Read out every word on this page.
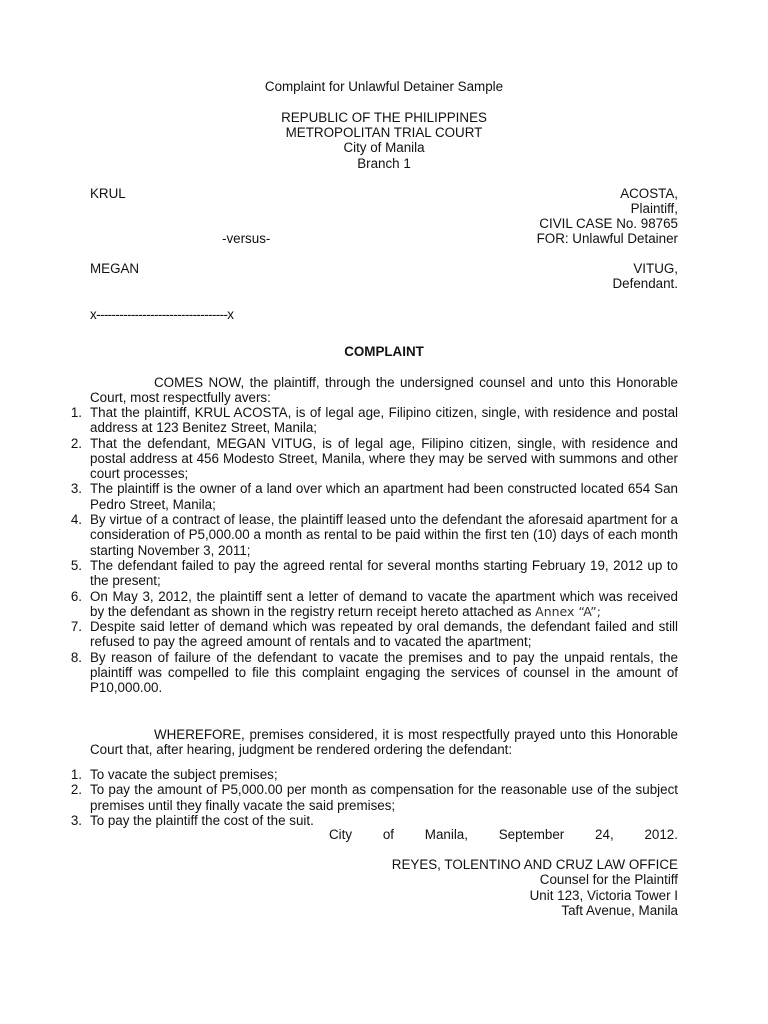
Complaint for Unlawful Detainer Sample
REPUBLIC OF THE PHILIPPINES
METROPOLITAN TRIAL COURT
City of Manila
Branch 1
KRUL	ACOSTA,
Plaintiff,
CIVIL CASE No. 98765
-versus-	FOR: Unlawful Detainer
MEGAN	VITUG,
Defendant.
x----------------------------------x
COMPLAINT
COMES NOW, the plaintiff, through the undersigned counsel and unto this Honorable Court, most respectfully avers:
1. That the plaintiff, KRUL ACOSTA, is of legal age, Filipino citizen, single, with residence and postal address at 123 Benitez Street, Manila;
2. That the defendant, MEGAN VITUG, is of legal age, Filipino citizen, single, with residence and postal address at 456 Modesto Street, Manila, where they may be served with summons and other court processes;
3. The plaintiff is the owner of a land over which an apartment had been constructed located 654 San Pedro Street, Manila;
4. By virtue of a contract of lease, the plaintiff leased unto the defendant the aforesaid apartment for a consideration of P5,000.00 a month as rental to be paid within the first ten (10) days of each month starting November 3, 2011;
5. The defendant failed to pay the agreed rental for several months starting February 19, 2012 up to the present;
6. On May 3, 2012, the plaintiff sent a letter of demand to vacate the apartment which was received by the defendant as shown in the registry return receipt hereto attached as Annex “A”;
7. Despite said letter of demand which was repeated by oral demands, the defendant failed and still refused to pay the agreed amount of rentals and to vacated the apartment;
8. By reason of failure of the defendant to vacate the premises and to pay the unpaid rentals, the plaintiff was compelled to file this complaint engaging the services of counsel in the amount of P10,000.00.
WHEREFORE, premises considered, it is most respectfully prayed unto this Honorable Court that, after hearing, judgment be rendered ordering the defendant:
1. To vacate the subject premises;
2. To pay the amount of P5,000.00 per month as compensation for the reasonable use of the subject premises until they finally vacate the said premises;
3. To pay the plaintiff the cost of the suit.
City of Manila, September 24, 2012.
REYES, TOLENTINO AND CRUZ LAW OFFICE
Counsel for the Plaintiff
Unit 123, Victoria Tower I
Taft Avenue, Manila
